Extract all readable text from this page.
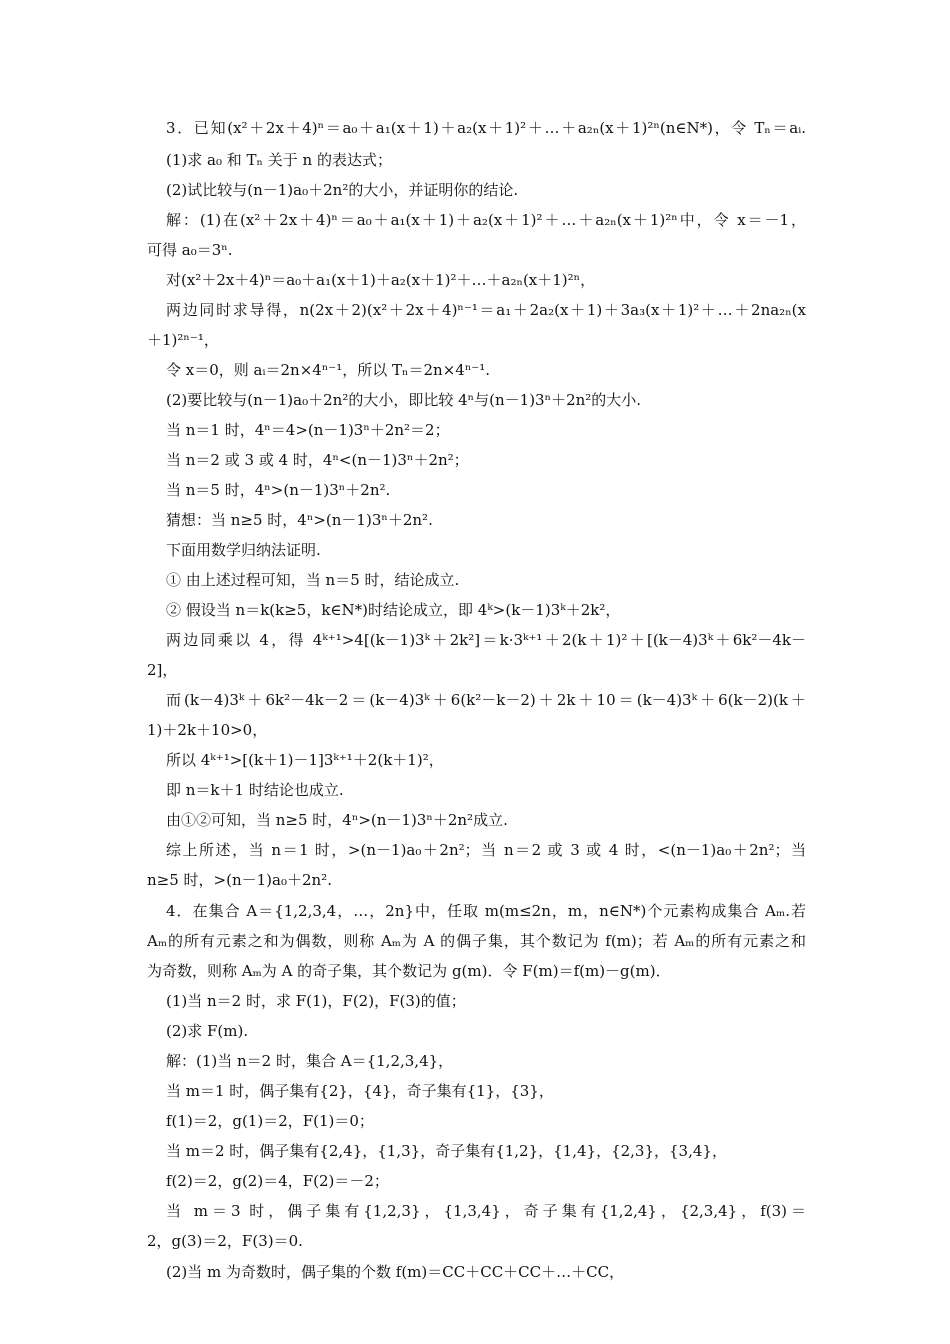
3．已知(x²＋2x＋4)ⁿ＝a₀＋a₁(x＋1)＋a₂(x＋1)²＋…＋a₂ₙ(x＋1)²ⁿ(n∈N*)，令 Tₙ＝aᵢ.
(1)求 a₀ 和 Tₙ 关于 n 的表达式；
(2)试比较与(n－1)a₀＋2n²的大小，并证明你的结论.
解：(1)在(x²＋2x＋4)ⁿ＝a₀＋a₁(x＋1)＋a₂(x＋1)²＋…＋a₂ₙ(x＋1)²ⁿ中，令 x＝－1，
可得 a₀＝3ⁿ.
对(x²＋2x＋4)ⁿ＝a₀＋a₁(x＋1)＋a₂(x＋1)²＋…＋a₂ₙ(x＋1)²ⁿ，
两边同时求导得，n(2x＋2)(x²＋2x＋4)ⁿ⁻¹＝a₁＋2a₂(x＋1)＋3a₃(x＋1)²＋…＋2na₂ₙ(x
＋1)²ⁿ⁻¹，
令 x＝0，则 aᵢ＝2n×4ⁿ⁻¹，所以 Tₙ＝2n×4ⁿ⁻¹.
(2)要比较与(n－1)a₀＋2n²的大小，即比较 4ⁿ与(n－1)3ⁿ＋2n²的大小.
当 n＝1 时，4ⁿ＝4>(n－1)3ⁿ＋2n²＝2；
当 n＝2 或 3 或 4 时，4ⁿ<(n－1)3ⁿ＋2n²；
当 n＝5 时，4ⁿ>(n－1)3ⁿ＋2n².
猜想：当 n≥5 时，4ⁿ>(n－1)3ⁿ＋2n².
下面用数学归纳法证明.
① 由上述过程可知，当 n＝5 时，结论成立.
② 假设当 n＝k(k≥5，k∈N*)时结论成立，即 4ᵏ>(k－1)3ᵏ＋2k²，
两边同乘以 4，得 4ᵏ⁺¹>4[(k－1)3ᵏ＋2k²]＝k·3ᵏ⁺¹＋2(k＋1)²＋[(k－4)3ᵏ＋6k²－4k－
2]，
而(k－4)3ᵏ＋6k²－4k－2＝(k－4)3ᵏ＋6(k²－k－2)＋2k＋10＝(k－4)3ᵏ＋6(k－2)(k＋
1)＋2k＋10>0，
所以 4ᵏ⁺¹>[(k＋1)－1]3ᵏ⁺¹＋2(k＋1)²，
即 n＝k＋1 时结论也成立.
由①②可知，当 n≥5 时，4ⁿ>(n－1)3ⁿ＋2n²成立.
综上所述，当 n＝1 时，>(n－1)a₀＋2n²；当 n＝2 或 3 或 4 时，<(n－1)a₀＋2n²；当
n≥5 时，>(n－1)a₀＋2n².
4．在集合 A＝{1,2,3,4，…，2n}中，任取 m(m≤2n，m，n∈N*)个元素构成集合 Aₘ.若
Aₘ的所有元素之和为偶数，则称 Aₘ为 A 的偶子集，其个数记为 f(m)；若 Aₘ的所有元素之和
为奇数，则称 Aₘ为 A 的奇子集，其个数记为 g(m)．令 F(m)＝f(m)－g(m)．
(1)当 n＝2 时，求 F(1)，F(2)，F(3)的值；
(2)求 F(m).
解：(1)当 n＝2 时，集合 A＝{1,2,3,4}，
当 m＝1 时，偶子集有{2}，{4}，奇子集有{1}，{3}，
f(1)＝2，g(1)＝2，F(1)＝0；
当 m＝2 时，偶子集有{2,4}，{1,3}，奇子集有{1,2}，{1,4}，{2,3}，{3,4}，
f(2)＝2，g(2)＝4，F(2)＝－2；
当 m＝3 时，偶子集有{1,2,3}，{1,3,4}，奇子集有{1,2,4}，{2,3,4}，f(3)＝
2，g(3)＝2，F(3)＝0.
(2)当 m 为奇数时，偶子集的个数 f(m)＝CC＋CC＋CC＋…＋CC，
